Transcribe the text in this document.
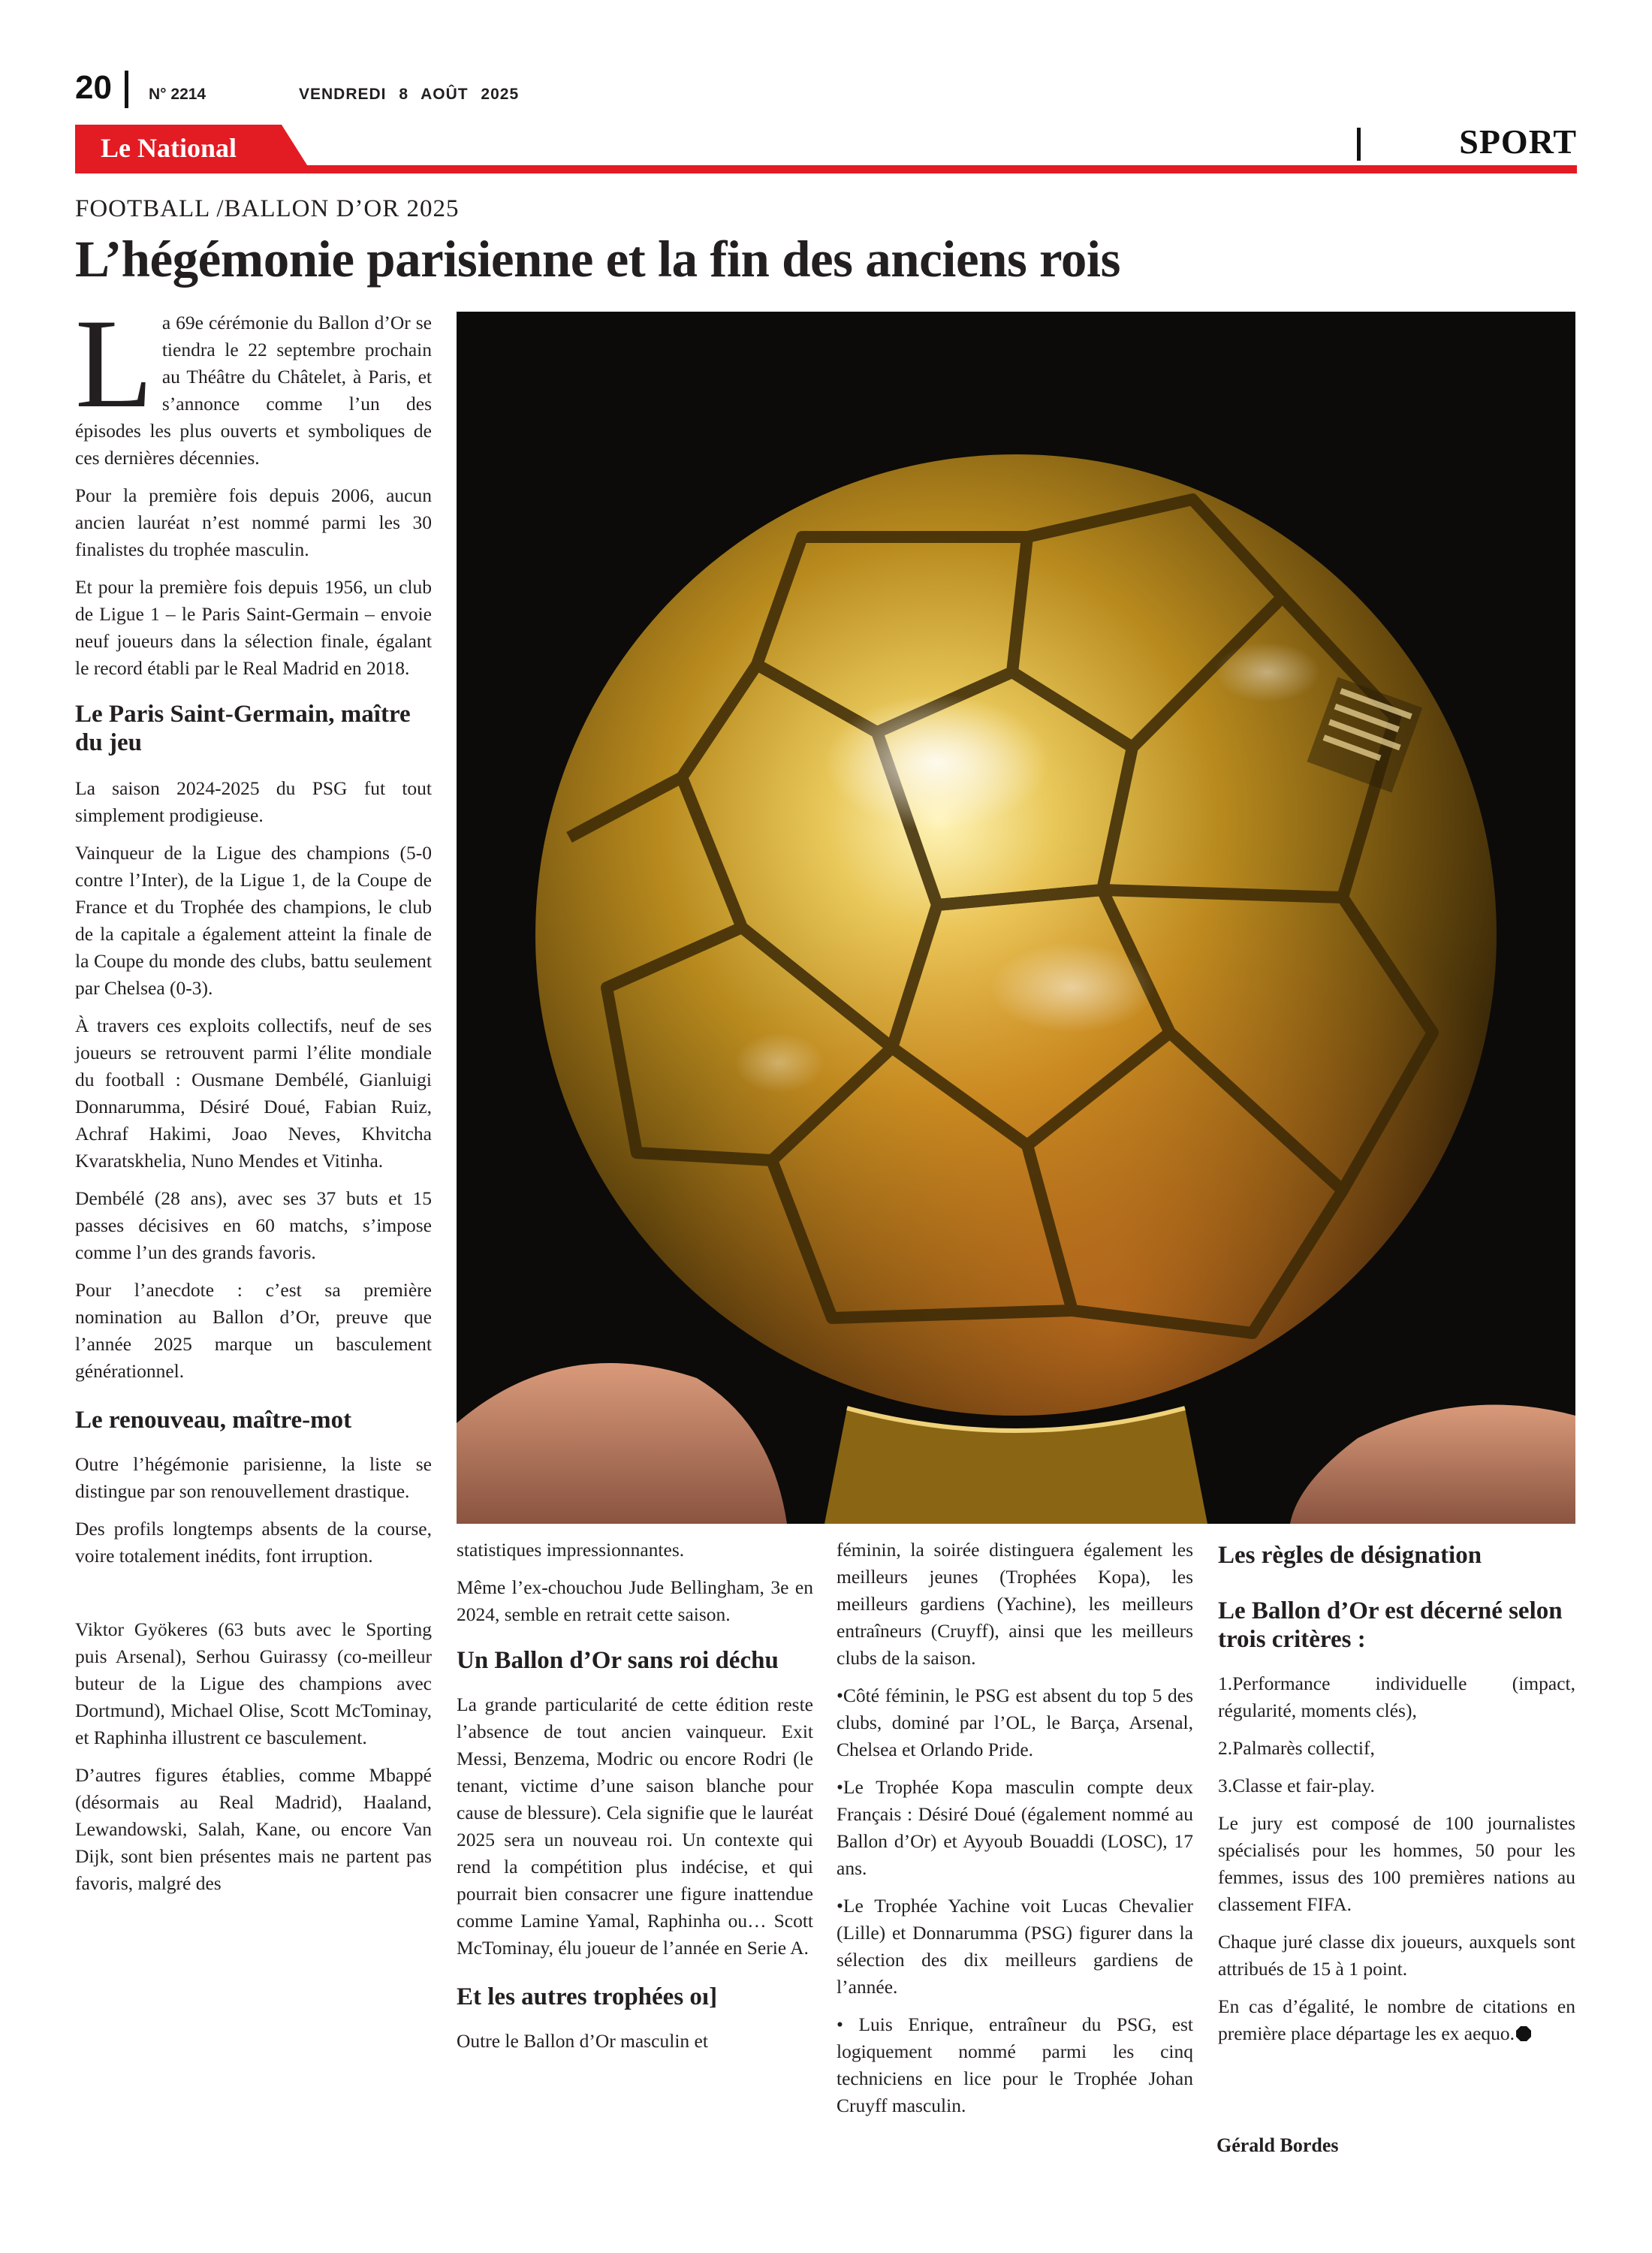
20 N° 2214	VENDREDI 8 AOÛT 2025
Le National	SPORT
FOOTBALL /BALLON D’OR 2025
L’hégémonie parisienne et la fin des anciens rois

La 69e cérémonie du Ballon d’Or se tiendra le 22 septembre prochain au Théâtre du Châtelet, à Paris, et s’annonce comme l’un des épisodes les plus ouverts et symboliques de ces dernières décennies.

Pour la première fois depuis 2006, aucun ancien lauréat n’est nommé parmi les 30 finalistes du trophée masculin.

Et pour la première fois depuis 1956, un club de Ligue 1 – le Paris Saint-Germain – envoie neuf joueurs dans la sélection finale, égalant le record établi par le Real Madrid en 2018.

Le Paris Saint-Germain, maître du jeu

La saison 2024-2025 du PSG fut tout simplement prodigieuse.

Vainqueur de la Ligue des champions (5-0 contre l’Inter), de la Ligue 1, de la Coupe de France et du Trophée des champions, le club de la capitale a également atteint la finale de la Coupe du monde des clubs, battu seulement par Chelsea (0-3).

À travers ces exploits collectifs, neuf de ses joueurs se retrouvent parmi l’élite mondiale du football : Ousmane Dembélé, Gianluigi Donnarumma, Désiré Doué, Fabian Ruiz, Achraf Hakimi, Joao Neves, Khvitcha Kvaratskhelia, Nuno Mendes et Vitinha.

Dembélé (28 ans), avec ses 37 buts et 15 passes décisives en 60 matchs, s’impose comme l’un des grands favoris.

Pour l’anecdote : c’est sa première nomination au Ballon d’Or, preuve que l’année 2025 marque un basculement générationnel.

Le renouveau, maître-mot

Outre l’hégémonie parisienne, la liste se distingue par son renouvellement drastique.

Des profils longtemps absents de la course, voire totalement inédits, font irruption.

Viktor Gyökeres (63 buts avec le Sporting puis Arsenal), Serhou Guirassy (co-meilleur buteur de la Ligue des champions avec Dortmund), Michael Olise, Scott McTominay, et Raphinha illustrent ce basculement.

D’autres figures établies, comme Mbappé (désormais au Real Madrid), Haaland, Lewandowski, Salah, Kane, ou encore Van Dijk, sont bien présentes mais ne partent pas favoris, malgré des

statistiques impressionnantes.

Même l’ex-chouchou Jude Bellingham, 3e en 2024, semble en retrait cette saison.

Un Ballon d’Or sans roi déchu

La grande particularité de cette édition reste l’absence de tout ancien vainqueur. Exit Messi, Benzema, Modric ou encore Rodri (le tenant, victime d’une saison blanche pour cause de blessure). Cela signifie que le lauréat 2025 sera un nouveau roi. Un contexte qui rend la compétition plus indécise, et qui pourrait bien consacrer une figure inattendue comme Lamine Yamal, Raphinha ou… Scott McTominay, élu joueur de l’année en Serie A.

Et les autres trophées oı]

Outre le Ballon d’Or masculin et

féminin, la soirée distinguera également les meilleurs jeunes (Trophées Kopa), les meilleurs gardiens (Yachine), les meilleurs entraîneurs (Cruyff), ainsi que les meilleurs clubs de la saison.

•Côté féminin, le PSG est absent du top 5 des clubs, dominé par l’OL, le Barça, Arsenal, Chelsea et Orlando Pride.

•Le Trophée Kopa masculin compte deux Français : Désiré Doué (également nommé au Ballon d’Or) et Ayyoub Bouaddi (LOSC), 17 ans.

•Le Trophée Yachine voit Lucas Chevalier (Lille) et Donnarumma (PSG) figurer dans la sélection des dix meilleurs gardiens de l’année.

• Luis Enrique, entraîneur du PSG, est logiquement nommé parmi les cinq techniciens en lice pour le Trophée Johan Cruyff masculin.

Les règles de désignation
Le Ballon d’Or est décerné selon trois critères :

1.Performance individuelle (impact, régularité, moments clés),

2.Palmarès collectif,

3.Classe et fair-play.

Le jury est composé de 100 journalistes spécialisés pour les hommes, 50 pour les femmes, issus des 100 premières nations au classement FIFA.

Chaque juré classe dix joueurs, auxquels sont attribués de 15 à 1 point.

En cas d’égalité, le nombre de citations en première place départage les ex aequo.

Gérald Bordes
